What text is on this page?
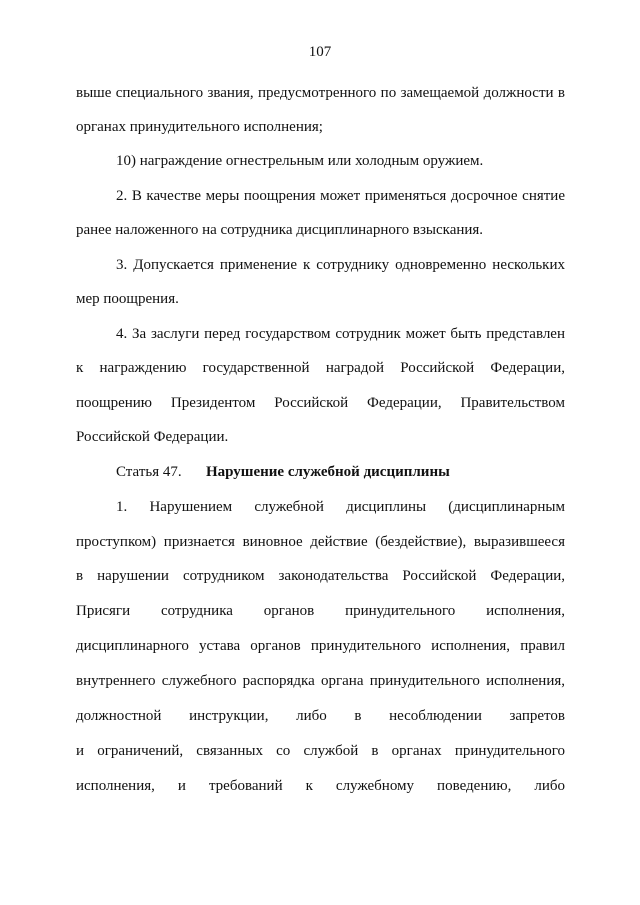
107
выше специального звания, предусмотренного по замещаемой должности в
органах принудительного исполнения;
10) награждение огнестрельным или холодным оружием.
2. В качестве меры поощрения может применяться досрочное снятие
ранее наложенного на сотрудника дисциплинарного взыскания.
3. Допускается применение к сотруднику одновременно нескольких
мер поощрения.
4. За заслуги перед государством сотрудник может быть представлен
к награждению государственной наградой Российской Федерации,
поощрению Президентом Российской Федерации, Правительством
Российской Федерации.
Статья 47. Нарушение служебной дисциплины
1. Нарушением служебной дисциплины (дисциплинарным
проступком) признается виновное действие (бездействие), выразившееся
в нарушении сотрудником законодательства Российской Федерации,
Присяги сотрудника органов принудительного исполнения,
дисциплинарного устава органов принудительного исполнения, правил
внутреннего служебного распорядка органа принудительного исполнения,
должностной инструкции, либо в несоблюдении запретов
и ограничений, связанных со службой в органах принудительного
исполнения, и требований к служебному поведению, либо
